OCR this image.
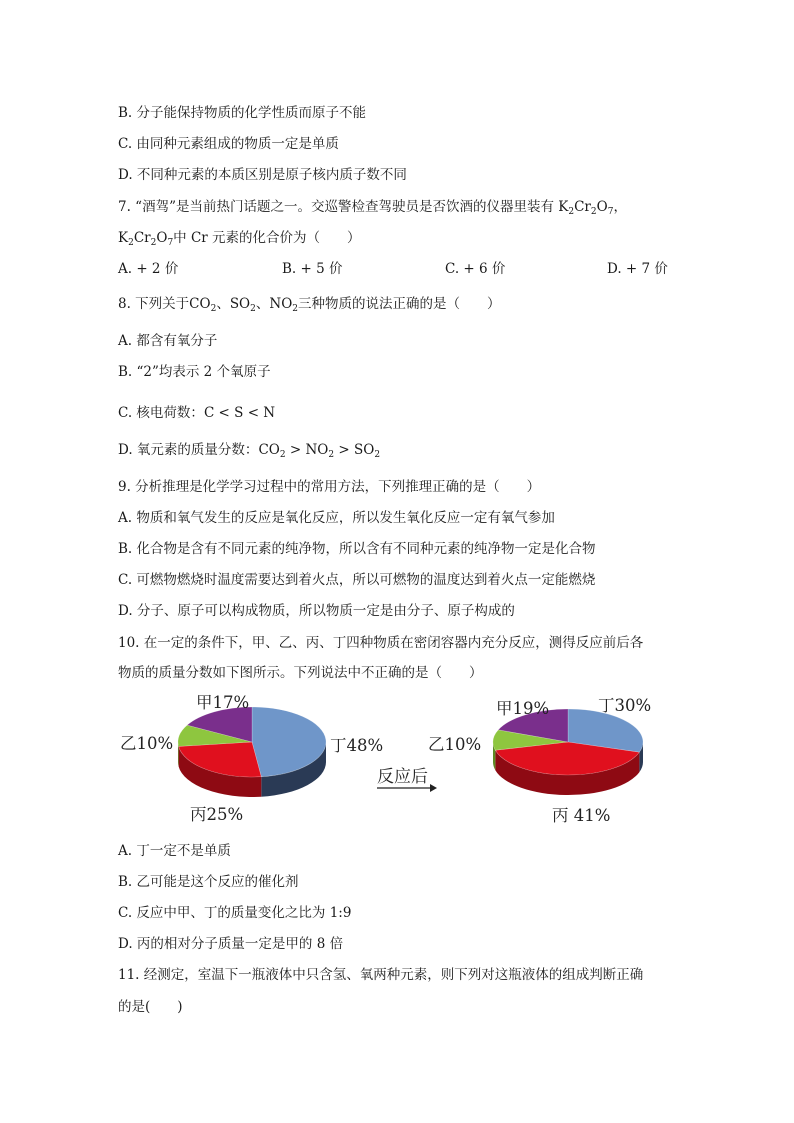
B. 分子能保持物质的化学性质而原子不能
C. 由同种元素组成的物质一定是单质
D. 不同种元素的本质区别是原子核内质子数不同
7. “酒驾”是当前热门话题之一。交巡警检查驾驶员是否饮酒的仪器里装有 $K_2Cr_2O_7$，
$K_2Cr_2O_7$中 Cr 元素的化合价为（　　）
A. + 2 价	B. + 5 价	C. + 6 价	D. + 7 价
8. 下列关于$CO_2$、$SO_2$、$NO_2$三种物质的说法正确的是（　　）
A. 都含有氧分子
B. “2”均表示 2 个氧原子
C. 核电荷数：C < S < N
D. 氧元素的质量分数：$CO_2 > NO_2 > SO_2$
9. 分析推理是化学学习过程中的常用方法，下列推理正确的是（　　）
A. 物质和氧气发生的反应是氧化反应，所以发生氧化反应一定有氧气参加
B. 化合物是含有不同元素的纯净物，所以含有不同种元素的纯净物一定是化合物
C. 可燃物燃烧时温度需要达到着火点，所以可燃物的温度达到着火点一定能燃烧
D. 分子、原子可以构成物质，所以物质一定是由分子、原子构成的
10. 在一定的条件下，甲、乙、丙、丁四种物质在密闭容器内充分反应，测得反应前后各
物质的质量分数如下图所示。下列说法中不正确的是（　　）
甲17%
乙10%
丙25%
丁48%
甲19%
乙10%
丙 41%
丁30%
反应后
A. 丁一定不是单质
B. 乙可能是这个反应的催化剂
C. 反应中甲、丁的质量变化之比为 1:9
D. 丙的相对分子质量一定是甲的 8 倍
11. 经测定，室温下一瓶液体中只含氢、氧两种元素，则下列对这瓶液体的组成判断正确
的是(　　)
